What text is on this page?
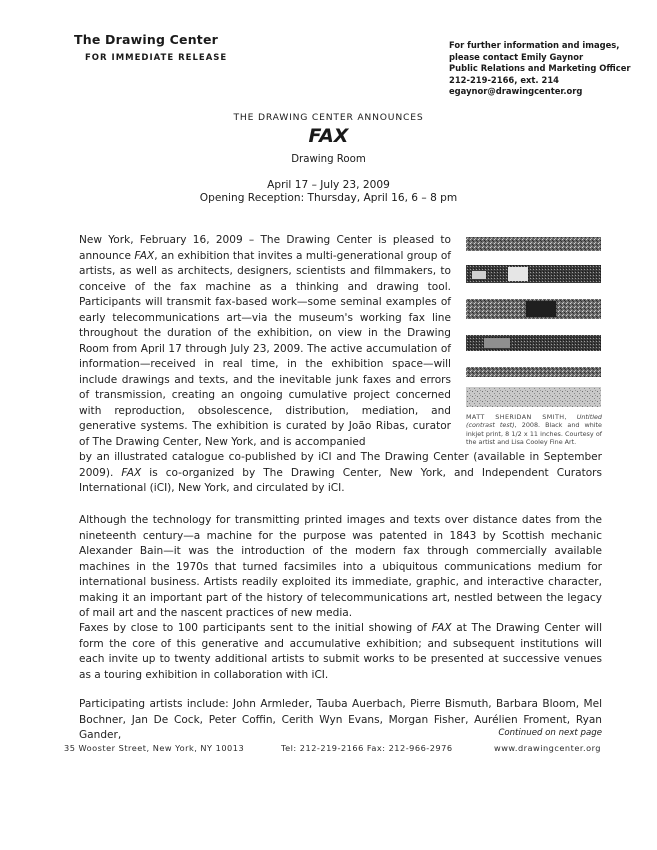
The Drawing Center
FOR IMMEDIATE RELEASE
For further information and images,
please contact Emily Gaynor
Public Relations and Marketing Officer
212-219-2166, ext. 214
egaynor@drawingcenter.org
THE DRAWING CENTER ANNOUNCES
FAX
Drawing Room
April 17 – July 23, 2009
Opening Reception: Thursday, April 16, 6 – 8 pm
New York, February 16, 2009 – The Drawing Center is pleased to announce FAX, an exhibition that invites a multi-generational group of artists, as well as architects, designers, scientists and filmmakers, to conceive of the fax machine as a thinking and drawing tool. Participants will transmit fax-based work—some seminal examples of early telecommunications art—via the museum's working fax line throughout the duration of the exhibition, on view in the Drawing Room from April 17 through July 23, 2009. The active accumulation of information—received in real time, in the exhibition space—will include drawings and texts, and the inevitable junk faxes and errors of transmission, creating an ongoing cumulative project concerned with reproduction, obsolescence, distribution, mediation, and generative systems. The exhibition is curated by João Ribas, curator of The Drawing Center, New York, and is accompanied
by an illustrated catalogue co-published by iCI and The Drawing Center (available in September 2009). FAX is co-organized by The Drawing Center, New York, and Independent Curators International (iCI), New York, and circulated by iCI.
MATT SHERIDAN SMITH, Untitled (contrast test), 2008. Black and white inkjet print, 8 1/2 x 11 inches. Courtesy of the artist and Lisa Cooley Fine Art.
Although the technology for transmitting printed images and texts over distance dates from the nineteenth century—a machine for the purpose was patented in 1843 by Scottish mechanic Alexander Bain—it was the introduction of the modern fax through commercially available machines in the 1970s that turned facsimiles into a ubiquitous communications medium for international business. Artists readily exploited its immediate, graphic, and interactive character, making it an important part of the history of telecommunications art, nestled between the legacy of mail art and the nascent practices of new media.
Faxes by close to 100 participants sent to the initial showing of FAX at The Drawing Center will form the core of this generative and accumulative exhibition; and subsequent institutions will each invite up to twenty additional artists to submit works to be presented at successive venues as a touring exhibition in collaboration with iCI.
Participating artists include: John Armleder, Tauba Auerbach, Pierre Bismuth, Barbara Bloom, Mel Bochner, Jan De Cock, Peter Coffin, Cerith Wyn Evans, Morgan Fisher, Aurélien Froment, Ryan Gander,	Continued on next page
35 Wooster Street, New York, NY 10013	Tel: 212-219-2166 Fax: 212-966-2976	www.drawingcenter.org
